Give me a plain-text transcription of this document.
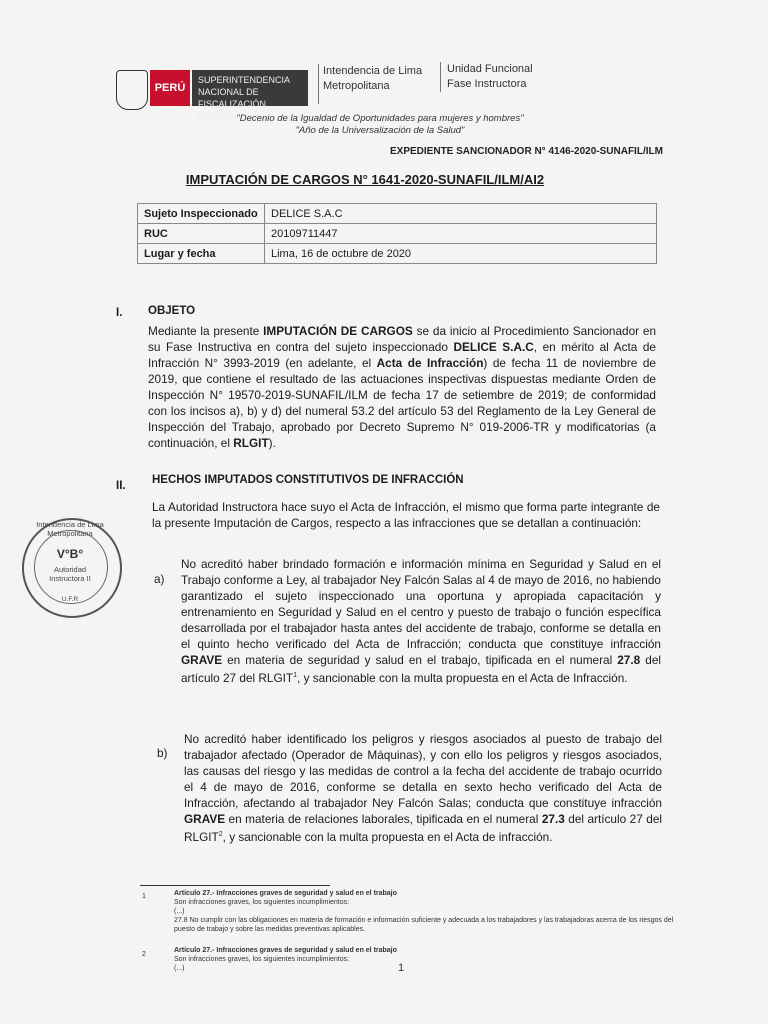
PERÚ
SUPERINTENDENCIA NACIONAL DE FISCALIZACIÓN LABORAL
Intendencia de Lima
Metropolitana
Unidad Funcional
Fase Instructora
"Decenio de la Igualdad de Oportunidades para mujeres y hombres"
"Año de la Universalización de la Salud"
EXPEDIENTE SANCIONADOR N° 4146-2020-SUNAFIL/ILM
IMPUTACIÓN DE CARGOS N° 1641-2020-SUNAFIL/ILM/AI2
Sujeto Inspeccionado	DELICE S.A.C
RUC	20109711447
Lugar y fecha	Lima, 16 de octubre de 2020
I. OBJETO
Mediante la presente IMPUTACIÓN DE CARGOS se da inicio al Procedimiento Sancionador en su Fase Instructiva en contra del sujeto inspeccionado DELICE S.A.C, en mérito al Acta de Infracción N° 3993-2019 (en adelante, el Acta de Infracción) de fecha 11 de noviembre de 2019, que contiene el resultado de las actuaciones inspectivas dispuestas mediante Orden de Inspección N° 19570-2019-SUNAFIL/ILM de fecha 17 de setiembre de 2019; de conformidad con los incisos a), b) y d) del numeral 53.2 del artículo 53 del Reglamento de la Ley General de Inspección del Trabajo, aprobado por Decreto Supremo N° 019-2006-TR y modificatorias (a continuación, el RLGIT).
II. HECHOS IMPUTADOS CONSTITUTIVOS DE INFRACCIÓN
La Autoridad Instructora hace suyo el Acta de Infracción, el mismo que forma parte integrante de la presente Imputación de Cargos, respecto a las infracciones que se detallan a continuación:
a)
No acreditó haber brindado formación e información mínima en Seguridad y Salud en el Trabajo conforme a Ley, al trabajador Ney Falcón Salas al 4 de mayo de 2016, no habiendo garantizado el sujeto inspeccionado una oportuna y apropiada capacitación y entrenamiento en Seguridad y Salud en el centro y puesto de trabajo o función específica desarrollada por el trabajador hasta antes del accidente de trabajo, conforme se detalla en el quinto hecho verificado del Acta de Infracción; conducta que constituye infracción GRAVE en materia de seguridad y salud en el trabajo, tipificada en el numeral 27.8 del artículo 27 del RLGIT$^1$, y sancionable con la multa propuesta en el Acta de Infracción.
b)
No acreditó haber identificado los peligros y riesgos asociados al puesto de trabajo del trabajador afectado (Operador de Máquinas), y con ello los peligros y riesgos asociados, las causas del riesgo y las medidas de control a la fecha del accidente de trabajo ocurrido el 4 de mayo de 2016, conforme se detalla en sexto hecho verificado del Acta de Infracción, afectando al trabajador Ney Falcón Salas; conducta que constituye infracción GRAVE en materia de relaciones laborales, tipificada en el numeral 27.3 del artículo 27 del RLGIT$^2$, y sancionable con la multa propuesta en el Acta de infracción.
Intendencia de Lima Metropolitana
V°B°
Autoridad Instructora II
U.F.R
1	Artículo 27.- Infracciones graves de seguridad y salud en el trabajo
Son infracciones graves, los siguientes incumplimientos:
(...)
27.8 No cumplir con las obligaciones en materia de formación e información suficiente y adecuada a los trabajadores y las trabajadoras acerca de los riesgos del puesto de trabajo y sobre las medidas preventivas aplicables.
2
Artículo 27.- Infracciones graves de seguridad y salud en el trabajo
Son infracciones graves, los siguientes incumplimientos:
(...)	1
